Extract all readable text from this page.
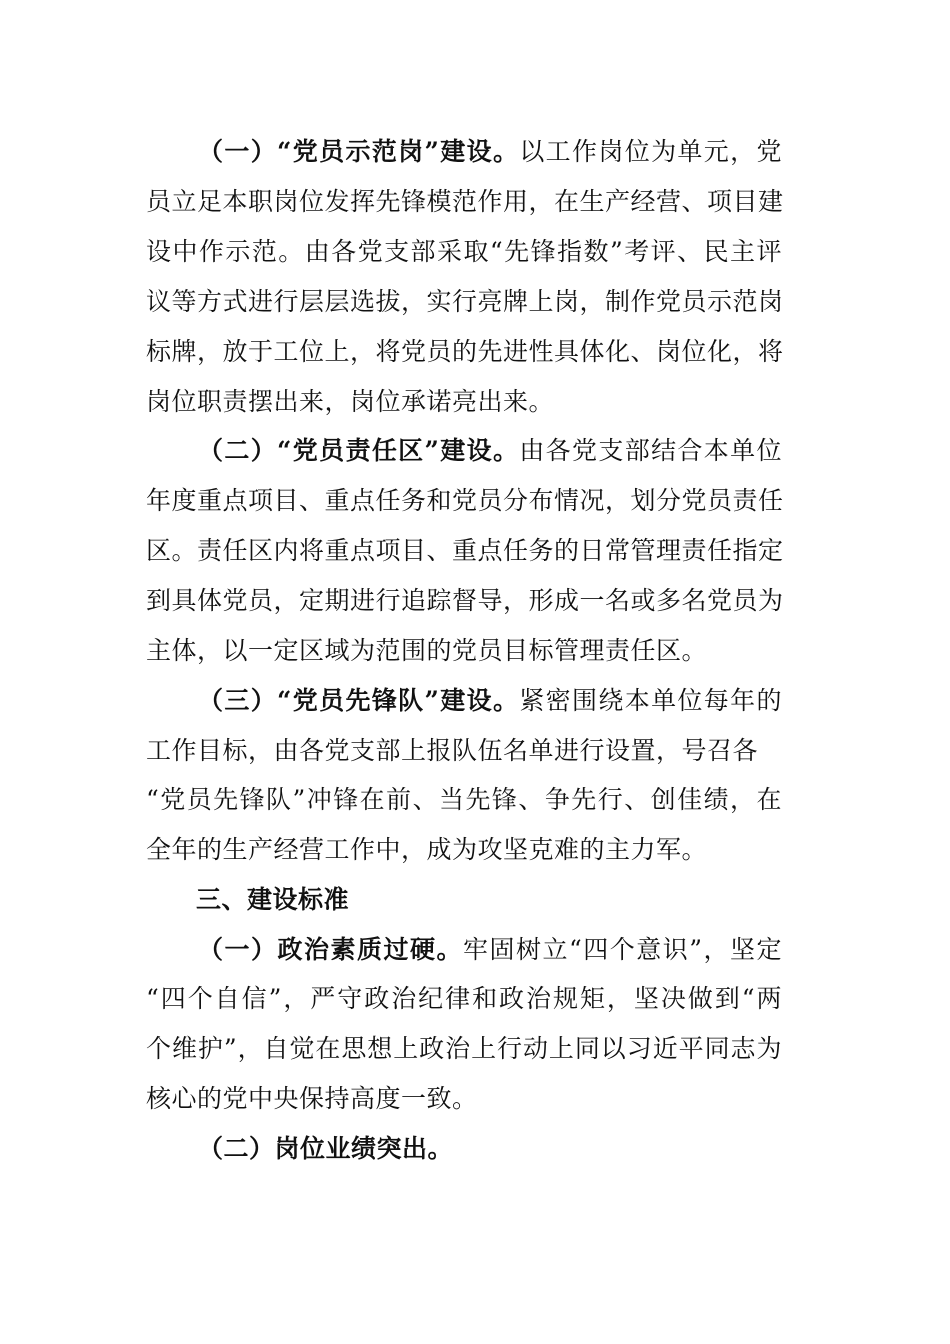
（一）“党员示范岗”建设。以工作岗位为单元，党
员立足本职岗位发挥先锋模范作用，在生产经营、项目建
设中作示范。由各党支部采取“先锋指数”考评、民主评
议等方式进行层层选拔，实行亮牌上岗，制作党员示范岗
标牌，放于工位上，将党员的先进性具体化、岗位化，将
岗位职责摆出来，岗位承诺亮出来。
（二）“党员责任区”建设。由各党支部结合本单位
年度重点项目、重点任务和党员分布情况，划分党员责任
区。责任区内将重点项目、重点任务的日常管理责任指定
到具体党员，定期进行追踪督导，形成一名或多名党员为
主体，以一定区域为范围的党员目标管理责任区。
（三）“党员先锋队”建设。紧密围绕本单位每年的
工作目标，由各党支部上报队伍名单进行设置，号召各
“党员先锋队”冲锋在前、当先锋、争先行、创佳绩，在
全年的生产经营工作中，成为攻坚克难的主力军。
三、建设标准
（一）政治素质过硬。牢固树立“四个意识”，坚定
“四个自信”，严守政治纪律和政治规矩，坚决做到“两
个维护”，自觉在思想上政治上行动上同以习近平同志为
核心的党中央保持高度一致。
（二）岗位业绩突出。
